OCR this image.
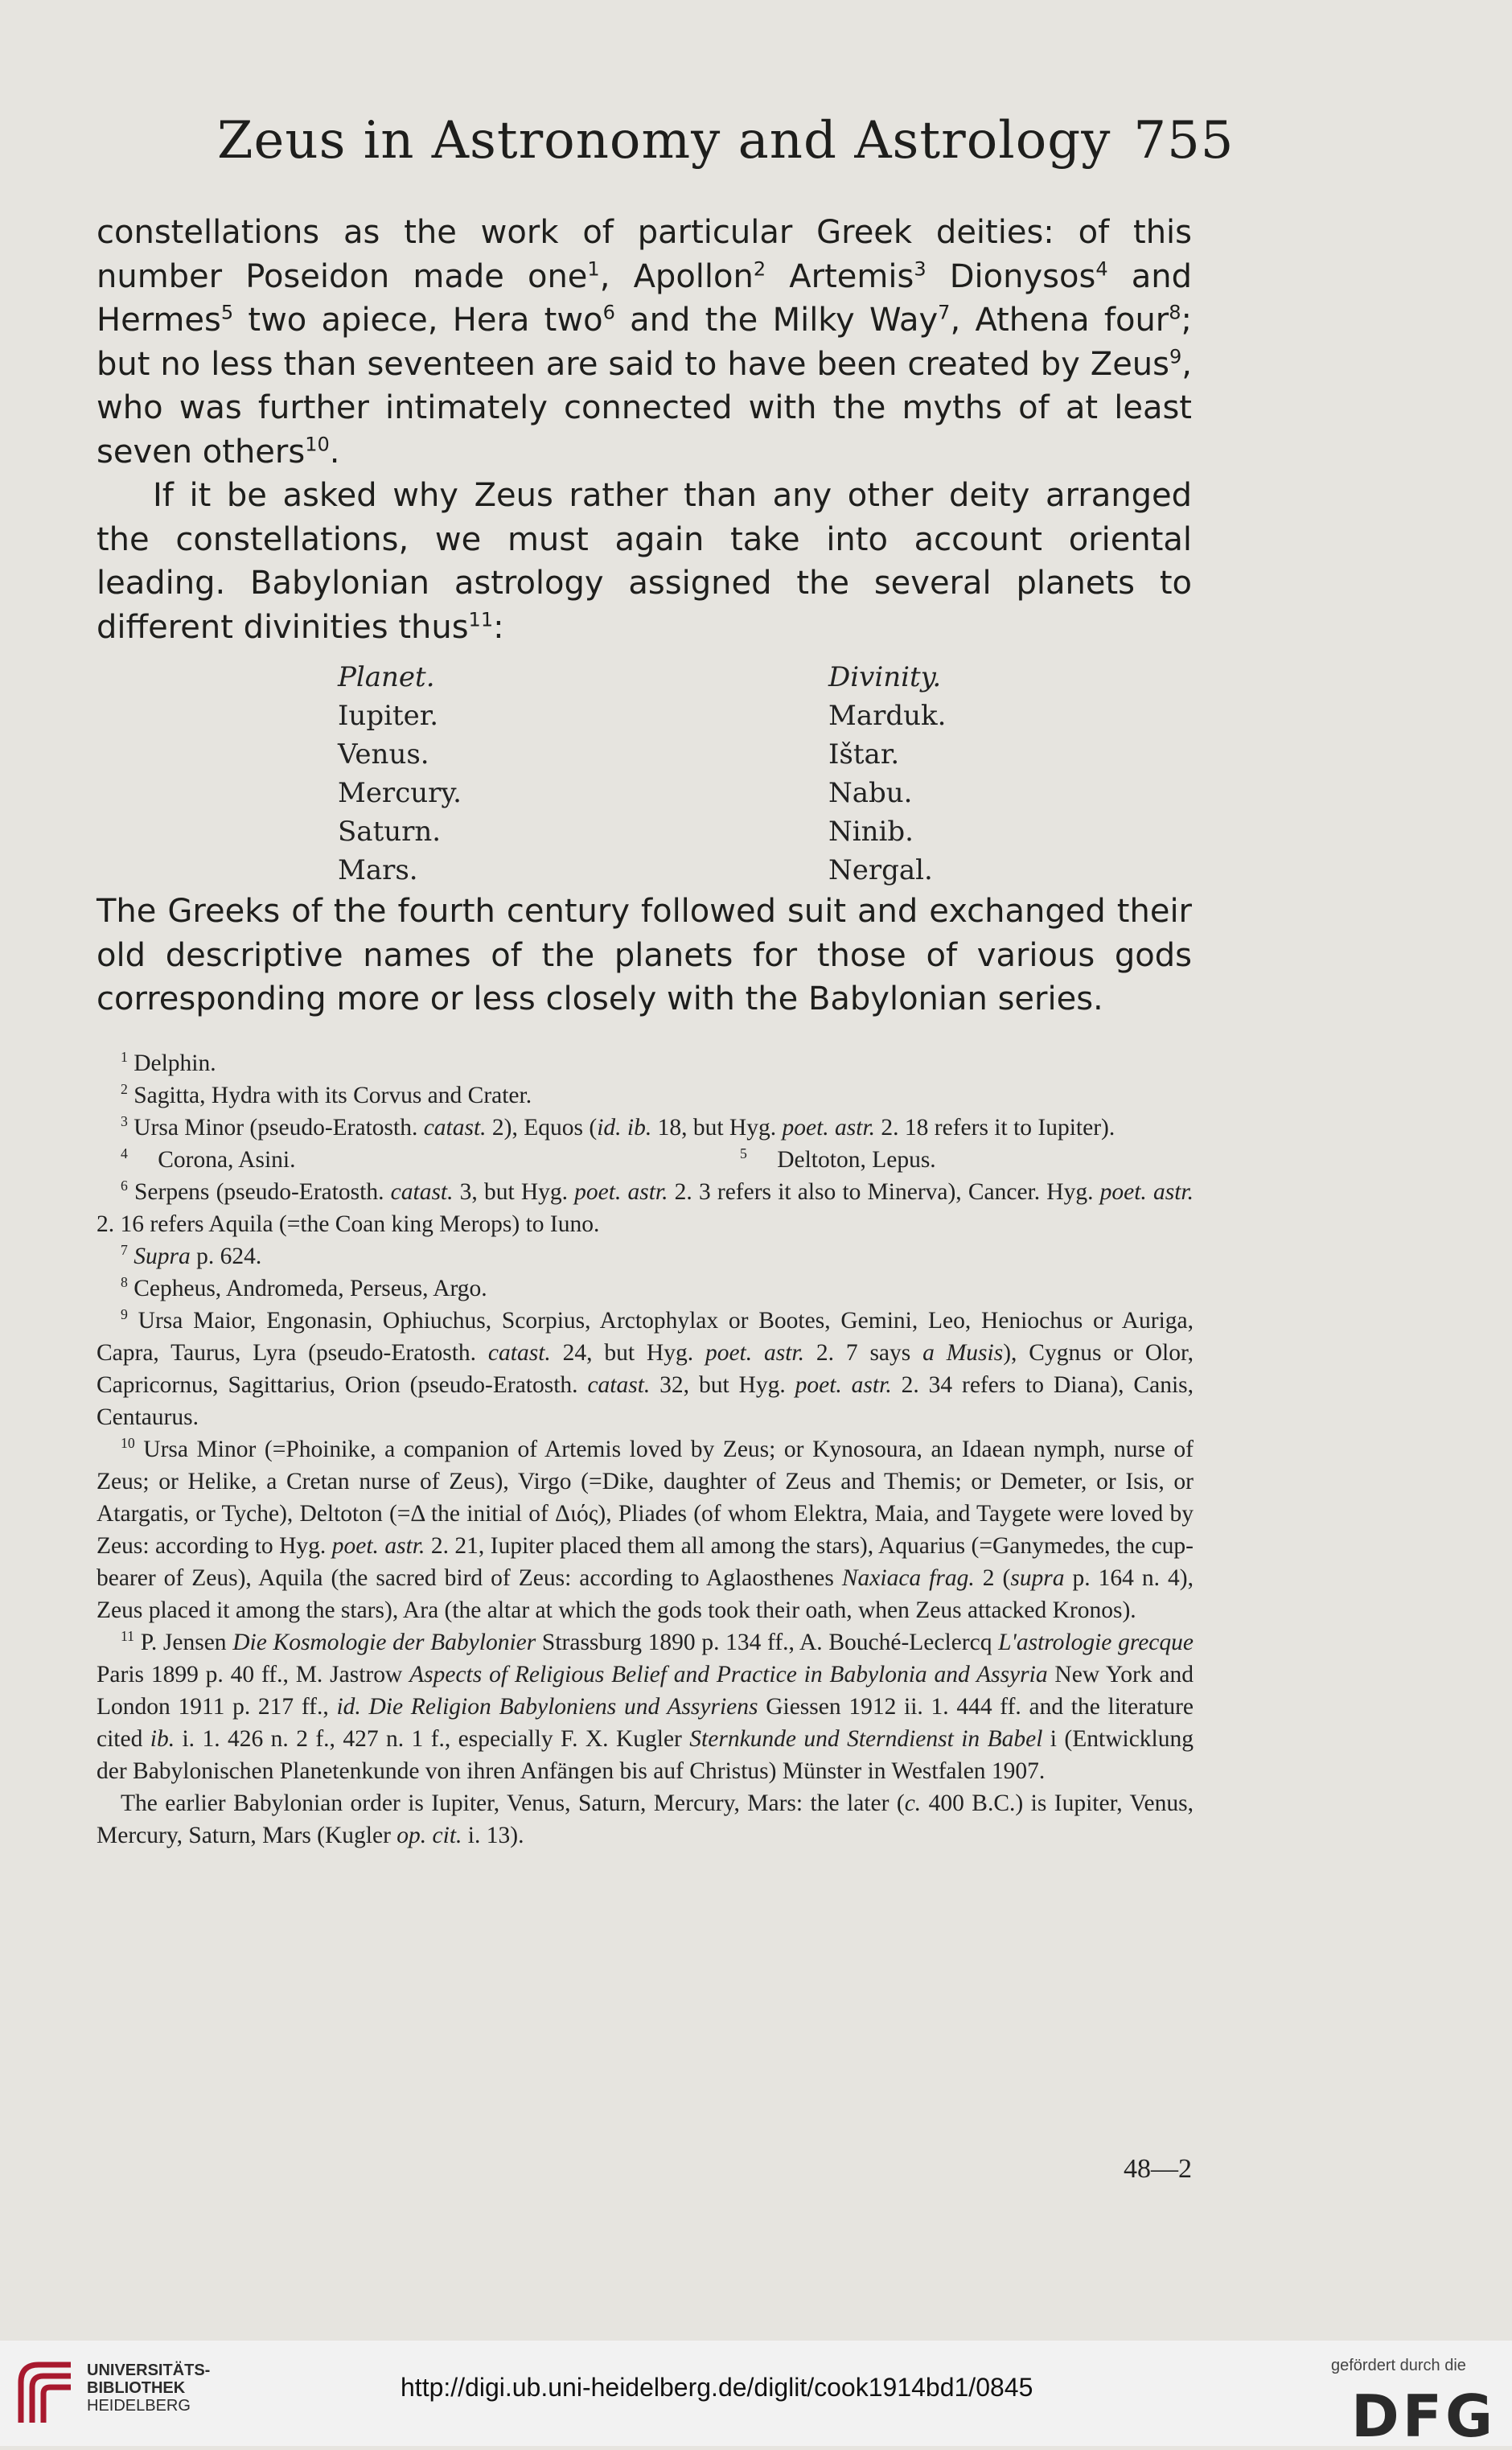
Zeus in Astronomy and Astrology 755

constellations as the work of particular Greek deities: of this number Poseidon made one$^1$, Apollon$^2$ Artemis$^3$ Dionysos$^4$ and Hermes$^5$ two apiece, Hera two$^6$ and the Milky Way$^7$, Athena four$^8$; but no less than seventeen are said to have been created by Zeus$^9$, who was further intimately connected with the myths of at least seven others$^{10}$.

If it be asked why Zeus rather than any other deity arranged the constellations, we must again take into account oriental leading. Babylonian astrology assigned the several planets to different divinities thus$^{11}$:

Planet.	Divinity.
Iupiter.	Marduk.
Venus.	Ištar.
Mercury.	Nabu.
Saturn.	Ninib.
Mars.	Nergal.

The Greeks of the fourth century followed suit and exchanged their old descriptive names of the planets for those of various gods corresponding more or less closely with the Babylonian series.

$^1$ Delphin.

$^2$ Sagitta, Hydra with its Corvus and Crater.

$^3$ Ursa Minor (pseudo-Eratosth. catast. 2), Equos (id. ib. 18, but Hyg. poet. astr. 2. 18 refers it to Iupiter).

$^4$ Corona, Asini.	$^5$ Deltoton, Lepus.

$^6$ Serpens (pseudo-Eratosth. catast. 3, but Hyg. poet. astr. 2. 3 refers it also to Minerva), Cancer. Hyg. poet. astr. 2. 16 refers Aquila (=the Coan king Merops) to Iuno.

$^7$ Supra p. 624.

$^8$ Cepheus, Andromeda, Perseus, Argo.

$^9$ Ursa Maior, Engonasin, Ophiuchus, Scorpius, Arctophylax or Bootes, Gemini, Leo, Heniochus or Auriga, Capra, Taurus, Lyra (pseudo-Eratosth. catast. 24, but Hyg. poet. astr. 2. 7 says a Musis), Cygnus or Olor, Capricornus, Sagittarius, Orion (pseudo-Eratosth. catast. 32, but Hyg. poet. astr. 2. 34 refers to Diana), Canis, Centaurus.

$^{10}$ Ursa Minor (=Phoinike, a companion of Artemis loved by Zeus; or Kynosoura, an Idaean nymph, nurse of Zeus; or Helike, a Cretan nurse of Zeus), Virgo (=Dike, daughter of Zeus and Themis; or Demeter, or Isis, or Atargatis, or Tyche), Deltoton (=Δ the initial of Διός), Pliades (of whom Elektra, Maia, and Taygete were loved by Zeus: according to Hyg. poet. astr. 2. 21, Iupiter placed them all among the stars), Aquarius (=Ganymedes, the cup-bearer of Zeus), Aquila (the sacred bird of Zeus: according to Aglaosthenes Naxiaca frag. 2 (supra p. 164 n. 4), Zeus placed it among the stars), Ara (the altar at which the gods took their oath, when Zeus attacked Kronos).

$^{11}$ P. Jensen Die Kosmologie der Babylonier Strassburg 1890 p. 134 ff., A. Bouché-Leclercq L'astrologie grecque Paris 1899 p. 40 ff., M. Jastrow Aspects of Religious Belief and Practice in Babylonia and Assyria New York and London 1911 p. 217 ff., id. Die Religion Babyloniens und Assyriens Giessen 1912 ii. 1. 444 ff. and the literature cited ib. i. 1. 426 n. 2 f., 427 n. 1 f., especially F. X. Kugler Sternkunde und Sterndienst in Babel i (Entwicklung der Babylonischen Planetenkunde von ihren Anfängen bis auf Christus) Münster in Westfalen 1907.

The earlier Babylonian order is Iupiter, Venus, Saturn, Mercury, Mars: the later (c. 400 B.C.) is Iupiter, Venus, Mercury, Saturn, Mars (Kugler op. cit. i. 13).

48—2
UNIVERSITÄTS-
BIBLIOTHEK
HEIDELBERG
http://digi.ub.uni-heidelberg.de/diglit/cook1914bd1/0845
gefördert durch die
DFG
